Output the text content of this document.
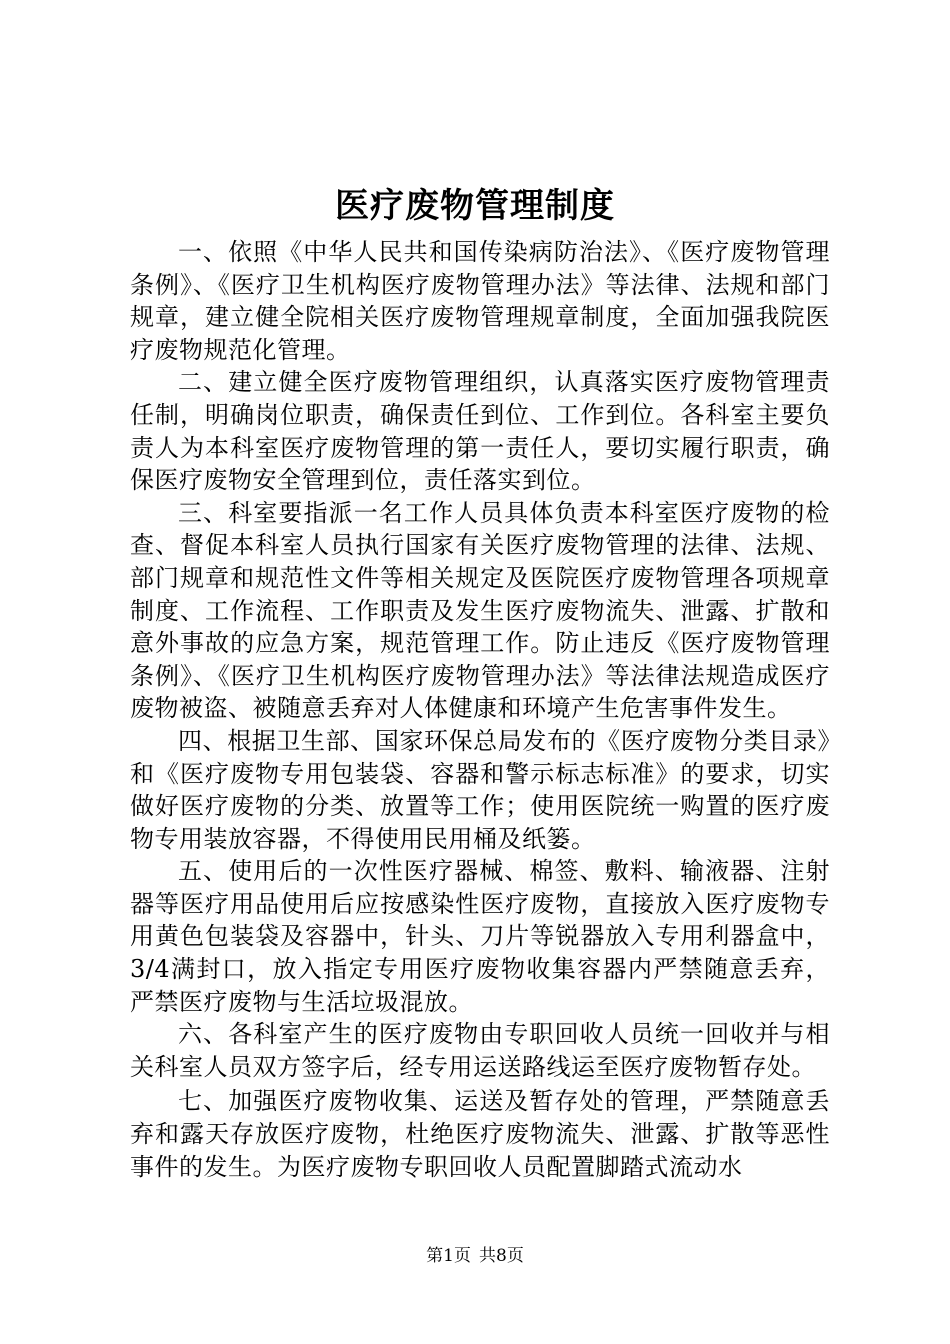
医疗废物管理制度

一、依照《中华人民共和国传染病防治法》、《医疗废物管理条例》、《医疗卫生机构医疗废物管理办法》等法律、法规和部门规章，建立健全院相关医疗废物管理规章制度，全面加强我院医疗废物规范化管理。

二、建立健全医疗废物管理组织，认真落实医疗废物管理责任制，明确岗位职责，确保责任到位、工作到位。各科室主要负责人为本科室医疗废物管理的第一责任人，要切实履行职责，确保医疗废物安全管理到位，责任落实到位。

三、科室要指派一名工作人员具体负责本科室医疗废物的检查、督促本科室人员执行国家有关医疗废物管理的法律、法规、部门规章和规范性文件等相关规定及医院医疗废物管理各项规章制度、工作流程、工作职责及发生医疗废物流失、泄露、扩散和意外事故的应急方案，规范管理工作。防止违反《医疗废物管理条例》、《医疗卫生机构医疗废物管理办法》等法律法规造成医疗废物被盗、被随意丢弃对人体健康和环境产生危害事件发生。

四、根据卫生部、国家环保总局发布的《医疗废物分类目录》和《医疗废物专用包装袋、容器和警示标志标准》的要求，切实做好医疗废物的分类、放置等工作；使用医院统一购置的医疗废物专用装放容器，不得使用民用桶及纸篓。

五、使用后的一次性医疗器械、棉签、敷料、输液器、注射器等医疗用品使用后应按感染性医疗废物，直接放入医疗废物专用黄色包装袋及容器中，针头、刀片等锐器放入专用利器盒中，3/4满封口，放入指定专用医疗废物收集容器内严禁随意丢弃，严禁医疗废物与生活垃圾混放。

六、各科室产生的医疗废物由专职回收人员统一回收并与相关科室人员双方签字后，经专用运送路线运至医疗废物暂存处。

七、加强医疗废物收集、运送及暂存处的管理，严禁随意丢弃和露天存放医疗废物，杜绝医疗废物流失、泄露、扩散等恶性事件的发生。为医疗废物专职回收人员配置脚踏式流动水

第1页 共8页
